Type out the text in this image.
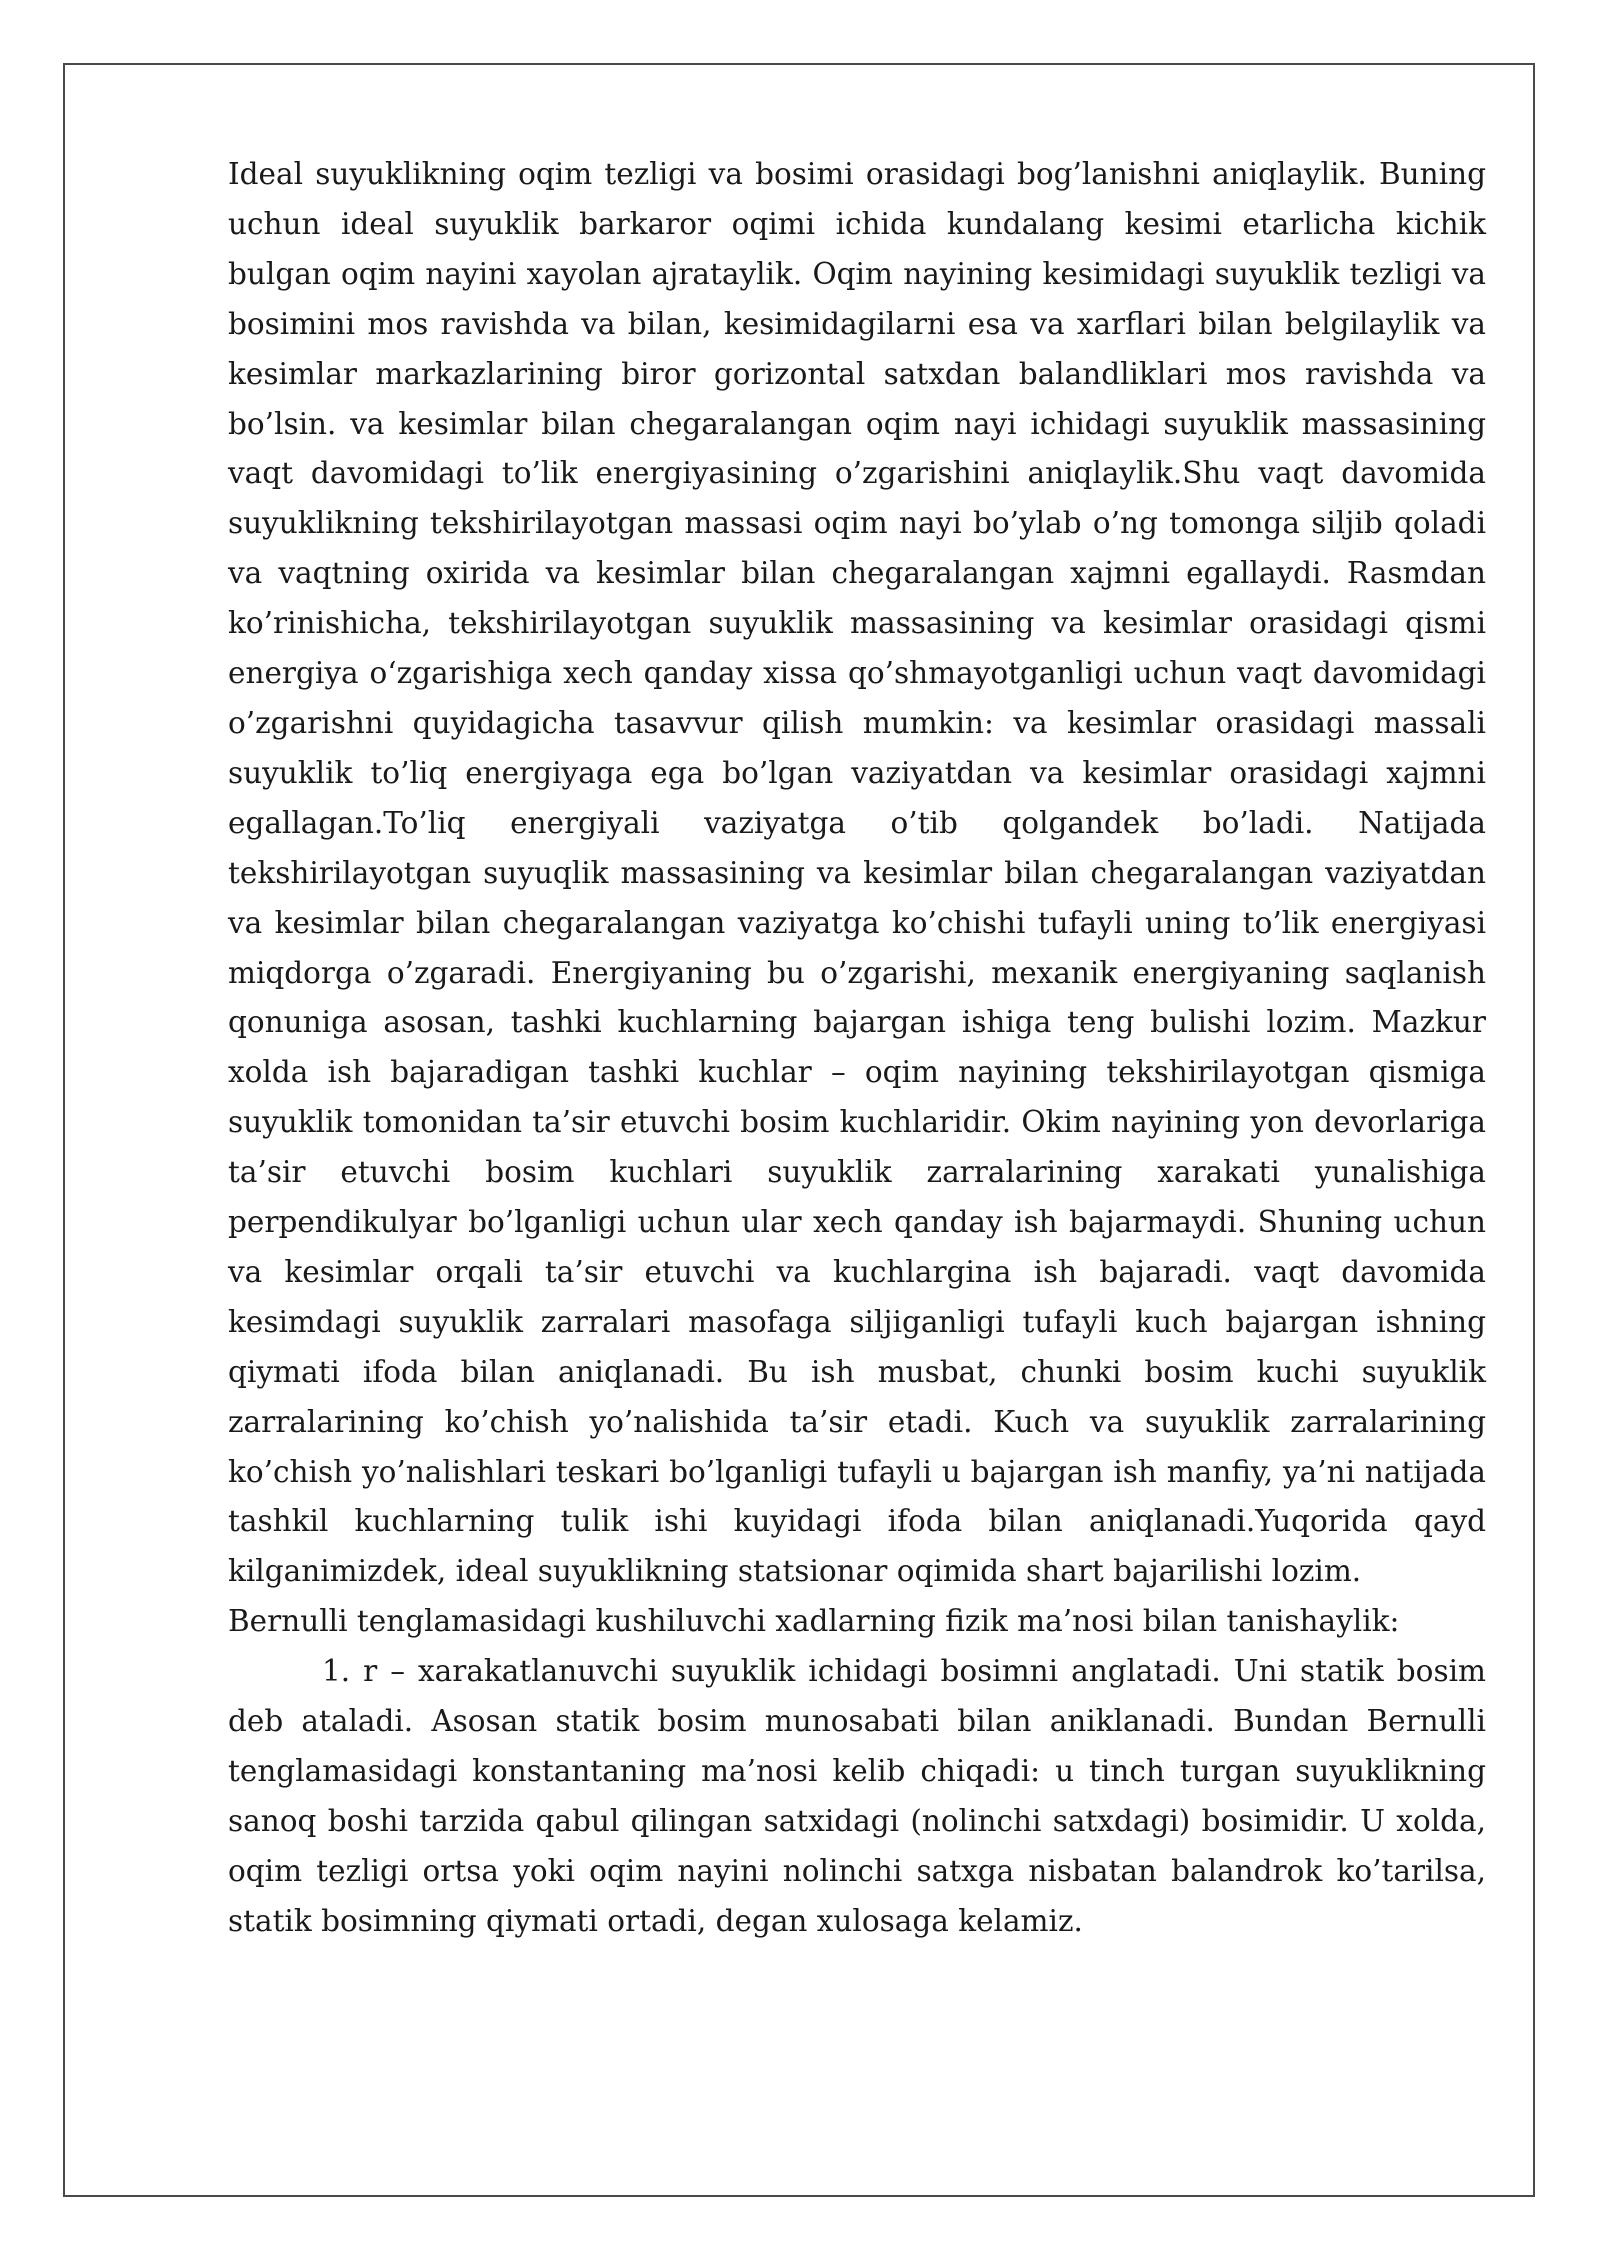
Ideal suyuklikning oqim tezligi va bosimi orasidagi bog’lanishni aniqlaylik. Buning uchun ideal suyuklik barkaror oqimi ichida kundalang kesimi etarlicha kichik bulgan oqim nayini xayolan ajrataylik. Oqim nayining kesimidagi suyuklik tezligi va bosimini mos ravishda va bilan, kesimidagilarni esa va xarflari bilan belgilaylik va kesimlar markazlarining biror gorizontal satxdan balandliklari mos ravishda va bo’lsin. va kesimlar bilan chegaralangan oqim nayi ichidagi suyuklik massasining vaqt davomidagi to’lik energiyasining o’zgarishini aniqlaylik.Shu vaqt davomida suyuklikning tekshirilayotgan massasi oqim nayi bo’ylab o’ng tomonga siljib qoladi va vaqtning oxirida va kesimlar bilan chegaralangan xajmni egallaydi. Rasmdan ko’rinishicha, tekshirilayotgan suyuklik massasining va kesimlar orasidagi qismi energiya o‘zgarishiga xech qanday xissa qo’shmayotganligi uchun vaqt davomidagi o’zgarishni quyidagicha tasavvur qilish mumkin: va kesimlar orasidagi massali suyuklik to’liq energiyaga ega bo’lgan vaziyatdan va kesimlar orasidagi xajmni egallagan.To’liq energiyali vaziyatga o’tib qolgandek bo’ladi. Natijada tekshirilayotgan suyuqlik massasining va kesimlar bilan chegaralangan vaziyatdan va kesimlar bilan chegaralangan vaziyatga ko’chishi tufayli uning to’lik energiyasi miqdorga o’zgaradi. Energiyaning bu o’zgarishi, mexanik energiyaning saqlanish qonuniga asosan, tashki kuchlarning bajargan ishiga teng bulishi lozim. Mazkur xolda ish bajaradigan tashki kuchlar – oqim nayining tekshirilayotgan qismiga suyuklik tomonidan ta’sir etuvchi bosim kuchlaridir. Okim nayining yon devorlariga ta’sir etuvchi bosim kuchlari suyuklik zarralarining xarakati yunalishiga perpendikulyar bo’lganligi uchun ular xech qanday ish bajarmaydi. Shuning uchun va kesimlar orqali ta’sir etuvchi va kuchlargina ish bajaradi. vaqt davomida kesimdagi suyuklik zarralari masofaga siljiganligi tufayli kuch bajargan ishning qiymati ifoda bilan aniqlanadi. Bu ish musbat, chunki bosim kuchi suyuklik zarralarining ko’chish yo’nalishida ta’sir etadi. Kuch va suyuklik zarralarining ko’chish yo’nalishlari teskari bo’lganligi tufayli u bajargan ish manfiy, ya’ni natijada tashkil kuchlarning tulik ishi kuyidagi ifoda bilan aniqlanadi.Yuqorida qayd kilganimizdek, ideal suyuklikning statsionar oqimida shart bajarilishi lozim.

Bernulli tenglamasidagi kushiluvchi xadlarning fizik ma’nosi bilan tanishaylik:

1. r – xarakatlanuvchi suyuklik ichidagi bosimni anglatadi. Uni statik bosim deb ataladi. Asosan statik bosim munosabati bilan aniklanadi. Bundan Bernulli tenglamasidagi konstantaning ma’nosi kelib chiqadi: u tinch turgan suyuklikning sanoq boshi tarzida qabul qilingan satxidagi (nolinchi satxdagi) bosimidir. U xolda, oqim tezligi ortsa yoki oqim nayini nolinchi satxga nisbatan balandrok ko’tarilsa, statik bosimning qiymati ortadi, degan xulosaga kelamiz.
